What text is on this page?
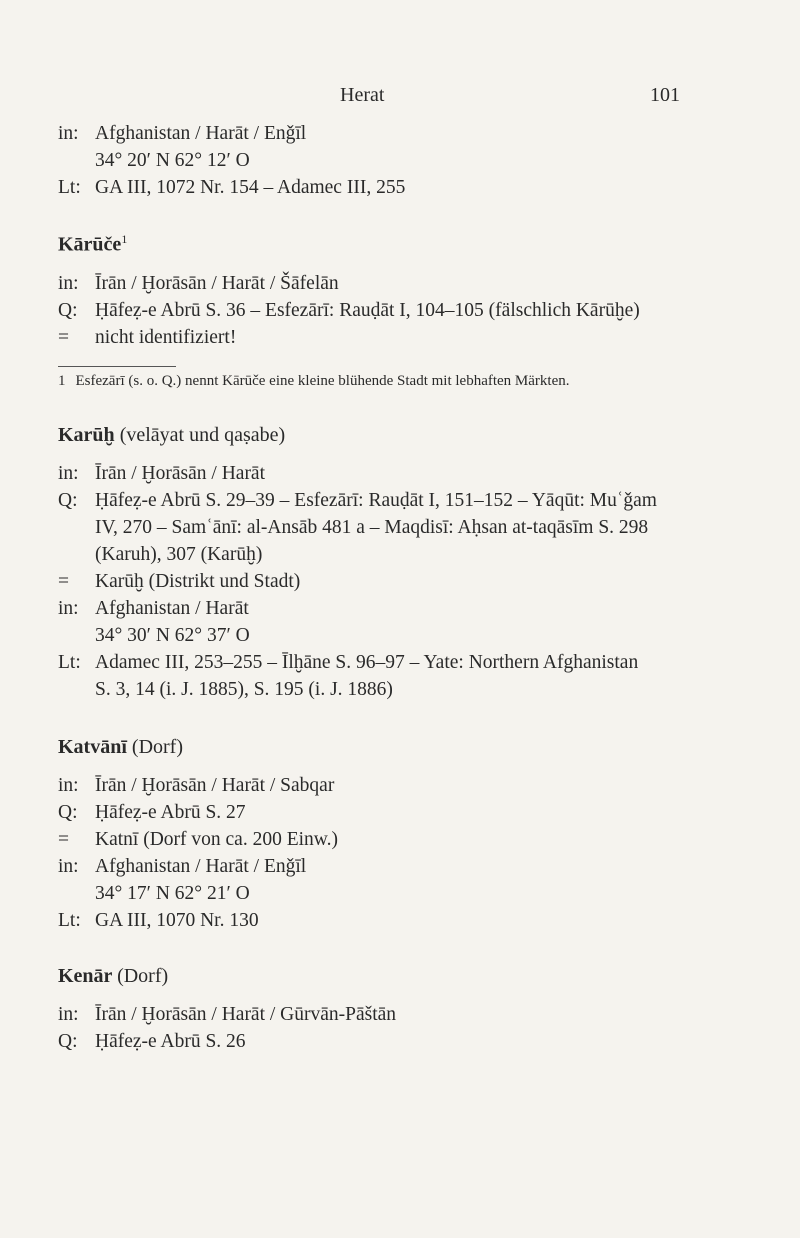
Herat	101
in: Afghanistan / Harāt / Enǧīl
34° 20′ N 62° 12′ O
Lt: GA III, 1072 Nr. 154 – Adamec III, 255
Kārūče$^1$
in: Īrān / Ḫorāsān / Harāt / Šāfelān
Q: Ḥāfeẓ-e Abrū S. 36 – Esfezārī: Rauḍāt I, 104–105 (fälschlich Kārūḫe)
=	nicht identifiziert!
1 Esfezārī (s. o. Q.) nennt Kārūče eine kleine blühende Stadt mit lebhaften Märkten.
Karūḫ (velāyat und qaṣabe)
in: Īrān / Ḫorāsān / Harāt
Q: Ḥāfeẓ-e Abrū S. 29–39 – Esfezārī: Rauḍāt I, 151–152 – Yāqūt: Muʿǧam
IV, 270 – Samʿānī: al-Ansāb 481 a – Maqdisī: Aḥsan at-taqāsīm S. 298
(Karuh), 307 (Karūḫ)
=	Karūḫ (Distrikt und Stadt)
in: Afghanistan / Harāt
34° 30′ N 62° 37′ O
Lt: Adamec III, 253–255 – Īlḫāne S. 96–97 – Yate: Northern Afghanistan
S. 3, 14 (i. J. 1885), S. 195 (i. J. 1886)
Katvānī (Dorf)
in: Īrān / Ḫorāsān / Harāt / Sabqar
Q: Ḥāfeẓ-e Abrū S. 27
=	Katnī (Dorf von ca. 200 Einw.)
in: Afghanistan / Harāt / Enǧīl
34° 17′ N 62° 21′ O
Lt: GA III, 1070 Nr. 130
Kenār (Dorf)
in: Īrān / Ḫorāsān / Harāt / Gūrvān-Pāštān
Q: Ḥāfeẓ-e Abrū S. 26
